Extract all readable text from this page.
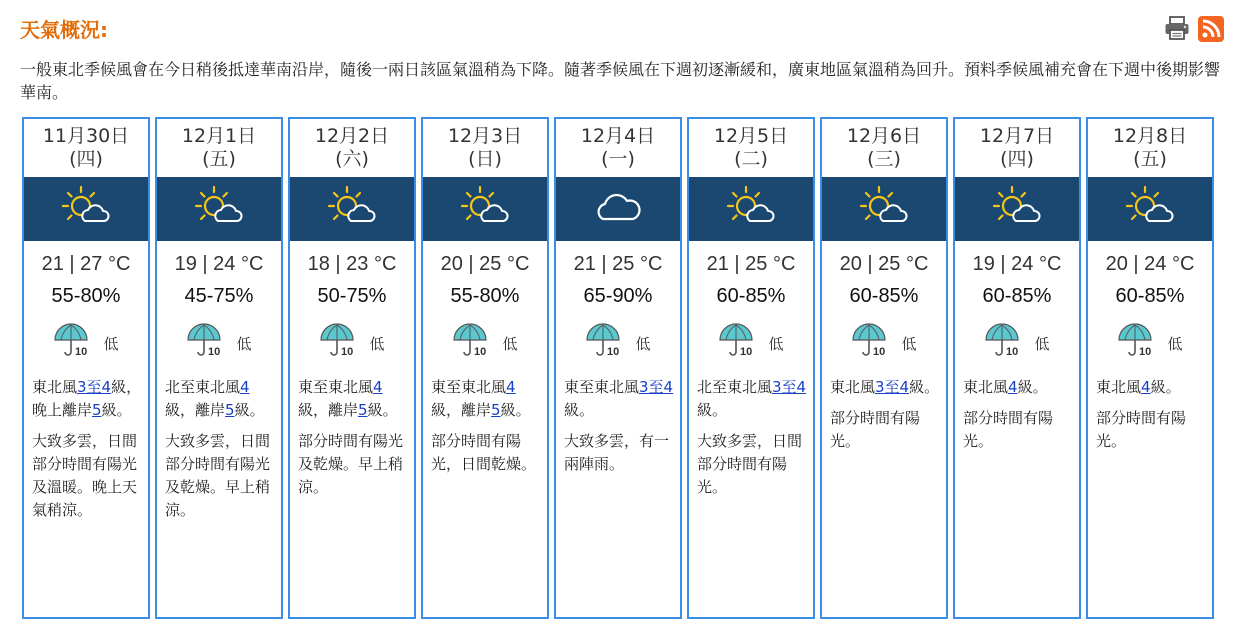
天氣概況:
一般東北季候風會在今日稍後抵達華南沿岸，隨後一兩日該區氣溫稍為下降。隨著季候風在下週初逐漸緩和，廣東地區氣溫稍為回升。預料季候風補充會在下週中後期影響華南。
11月30日
(四)
21 | 27 °C
55-80%
10 低
東北風3至4級，晚上離岸5級。
大致多雲，日間部分時間有陽光及溫暖。晚上天氣稍涼。
12月1日
(五)
19 | 24 °C
45-75%
10 低
北至東北風4級，離岸5級。
大致多雲，日間部分時間有陽光及乾燥。早上稍涼。
12月2日
(六)
18 | 23 °C
50-75%
10 低
東至東北風4級，離岸5級。
部分時間有陽光及乾燥。早上稍涼。
12月3日
(日)
20 | 25 °C
55-80%
10 低
東至東北風4級，離岸5級。
部分時間有陽光，日間乾燥。
12月4日
(一)
21 | 25 °C
65-90%
10 低
東至東北風3至4級。
大致多雲，有一兩陣雨。
12月5日
(二)
21 | 25 °C
60-85%
10 低
北至東北風3至4級。
大致多雲，日間部分時間有陽光。
12月6日
(三)
20 | 25 °C
60-85%
10 低
東北風3至4級。
部分時間有陽光。
12月7日
(四)
19 | 24 °C
60-85%
10 低
東北風4級。
部分時間有陽光。
12月8日
(五)
20 | 24 °C
60-85%
10 低
東北風4級。
部分時間有陽光。
